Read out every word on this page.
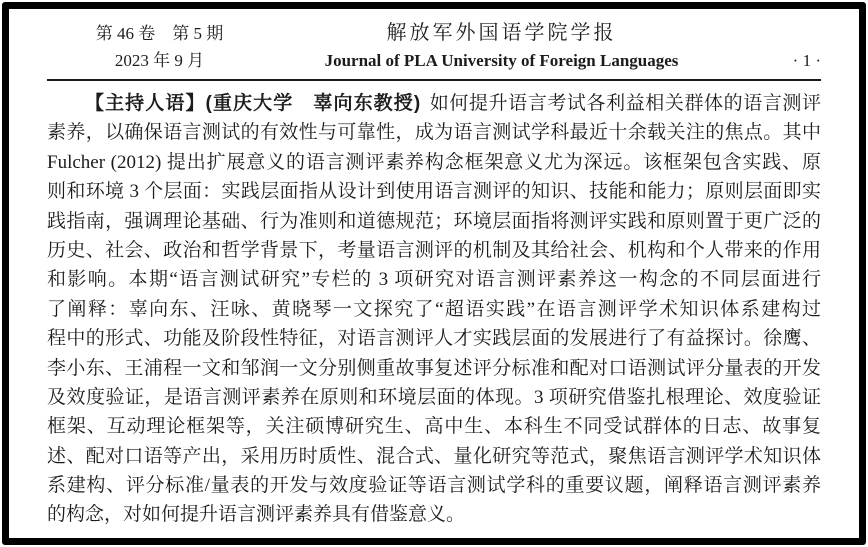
第 46 卷　第 5 期
2023 年 9 月
解放军外国语学院学报
Journal of PLA University of Foreign Languages	· 1 ·
【主持人语】(重庆大学　辜向东教授) 如何提升语言考试各利益相关群体的语言测评
素养，以确保语言测试的有效性与可靠性，成为语言测试学科最近十余载关注的焦点。其中
Fulcher (2012) 提出扩展意义的语言测评素养构念框架意义尤为深远。该框架包含实践、原
则和环境 3 个层面：实践层面指从设计到使用语言测评的知识、技能和能力；原则层面即实
践指南，强调理论基础、行为准则和道德规范；环境层面指将测评实践和原则置于更广泛的
历史、社会、政治和哲学背景下，考量语言测评的机制及其给社会、机构和个人带来的作用
和影响。本期“语言测试研究”专栏的 3 项研究对语言测评素养这一构念的不同层面进行
了阐释：辜向东、汪咏、黄晓琴一文探究了“超语实践”在语言测评学术知识体系建构过
程中的形式、功能及阶段性特征，对语言测评人才实践层面的发展进行了有益探讨。徐鹰、
李小东、王浦程一文和邹润一文分别侧重故事复述评分标准和配对口语测试评分量表的开发
及效度验证，是语言测评素养在原则和环境层面的体现。3 项研究借鉴扎根理论、效度验证
框架、互动理论框架等，关注硕博研究生、高中生、本科生不同受试群体的日志、故事复
述、配对口语等产出，采用历时质性、混合式、量化研究等范式，聚焦语言测评学术知识体
系建构、评分标准/量表的开发与效度验证等语言测试学科的重要议题，阐释语言测评素养
的构念，对如何提升语言测评素养具有借鉴意义。
